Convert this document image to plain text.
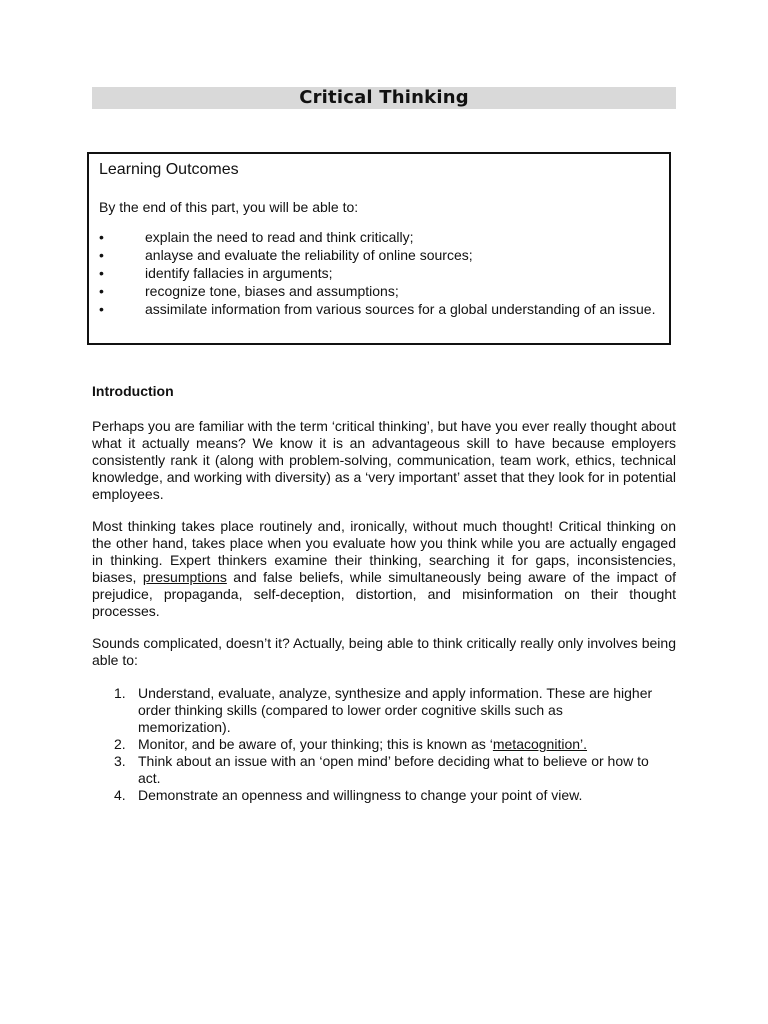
Critical Thinking
Learning Outcomes

By the end of this part, you will be able to:

•	explain the need to read and think critically;
•	anlayse and evaluate the reliability of online sources;
•	identify fallacies in arguments;
•	recognize tone, biases and assumptions;
•	assimilate information from various sources for a global understanding of an issue.
Introduction

Perhaps you are familiar with the term ‘critical thinking’, but have you ever really thought about what it actually means? We know it is an advantageous skill to have because employers consistently rank it (along with problem-solving, communication, team work, ethics, technical knowledge, and working with diversity) as a ‘very important’ asset that they look for in potential employees.

Most thinking takes place routinely and, ironically, without much thought! Critical thinking on the other hand, takes place when you evaluate how you think while you are actually engaged in thinking. Expert thinkers examine their thinking, searching it for gaps, inconsistencies, biases, presumptions and false beliefs, while simultaneously being aware of the impact of prejudice, propaganda, self-deception, distortion, and misinformation on their thought processes.

Sounds complicated, doesn’t it? Actually, being able to think critically really only involves being able to:

1. Understand, evaluate, analyze, synthesize and apply information. These are higher order thinking skills (compared to lower order cognitive skills such as memorization).
2. Monitor, and be aware of, your thinking; this is known as ‘metacognition’.
3. Think about an issue with an ‘open mind’ before deciding what to believe or how to act.
4. Demonstrate an openness and willingness to change your point of view.
